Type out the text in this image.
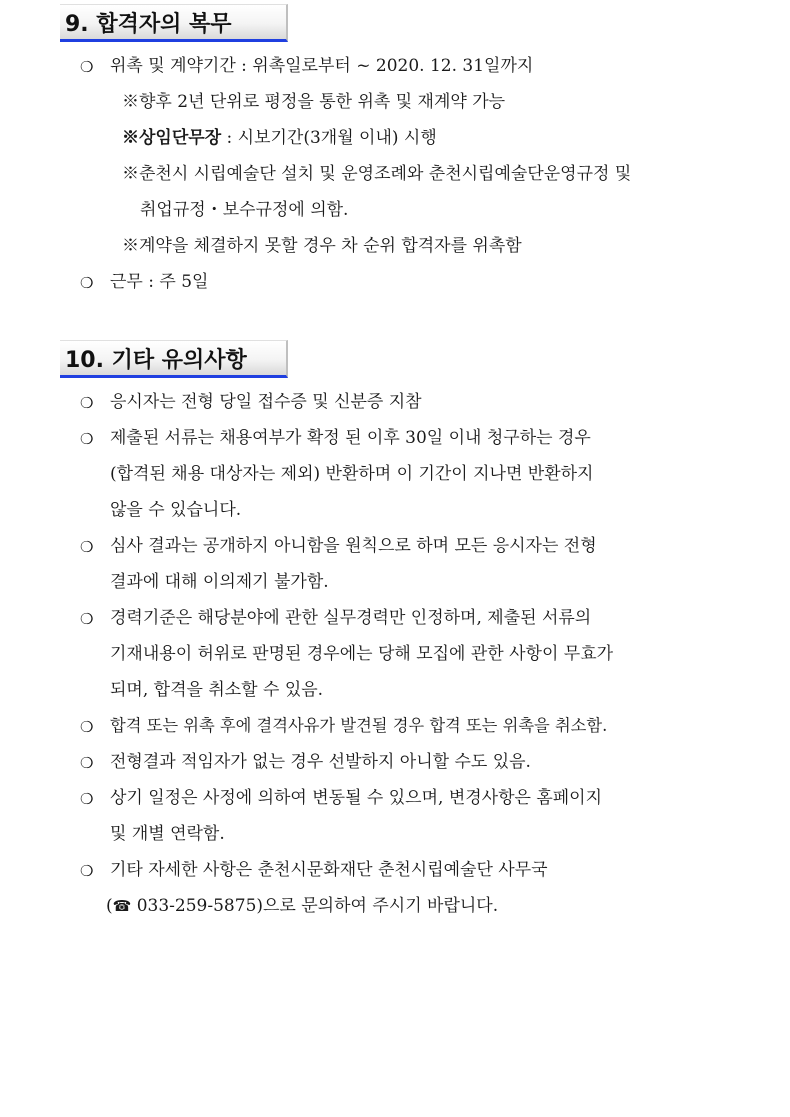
9. 합격자의 복무
❍ 위촉 및 계약기간 : 위촉일로부터 ~ 2020. 12. 31일까지
※향후 2년 단위로 평정을 통한 위촉 및 재계약 가능
※상임단무장 : 시보기간(3개월 이내) 시행
※춘천시 시립예술단 설치 및 운영조례와 춘천시립예술단운영규정 및
취업규정・보수규정에 의함.
※계약을 체결하지 못할 경우 차 순위 합격자를 위촉함
❍ 근무 : 주 5일
10. 기타 유의사항
❍ 응시자는 전형 당일 접수증 및 신분증 지참
❍ 제출된 서류는 채용여부가 확정 된 이후 30일 이내 청구하는 경우
(합격된 채용 대상자는 제외) 반환하며 이 기간이 지나면 반환하지
않을 수 있습니다.
❍ 심사 결과는 공개하지 아니함을 원칙으로 하며 모든 응시자는 전형
결과에 대해 이의제기 불가함.
❍ 경력기준은 해당분야에 관한 실무경력만 인정하며, 제출된 서류의
기재내용이 허위로 판명된 경우에는 당해 모집에 관한 사항이 무효가
되며, 합격을 취소할 수 있음.
❍ 합격 또는 위촉 후에 결격사유가 발견될 경우 합격 또는 위촉을 취소함.
❍ 전형결과 적임자가 없는 경우 선발하지 아니할 수도 있음.
❍ 상기 일정은 사정에 의하여 변동될 수 있으며, 변경사항은 홈페이지
및 개별 연락함.
❍ 기타 자세한 사항은 춘천시문화재단 춘천시립예술단 사무국
(☎ 033-259-5875)으로 문의하여 주시기 바랍니다.
